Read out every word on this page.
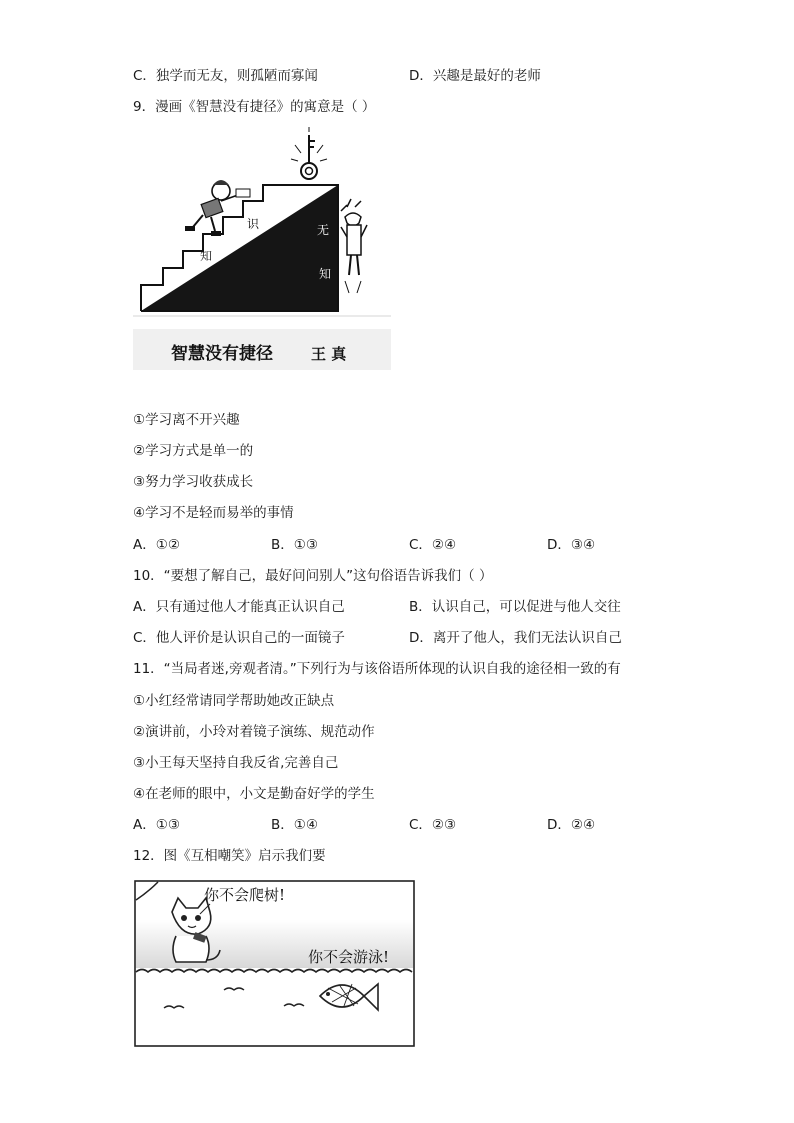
C．独学而无友，则孤陋而寡闻	D．兴趣是最好的老师
9．漫画《智慧没有捷径》的寓意是（ ）
知
识	无
知
智慧没有捷径	王 真
①学习离不开兴趣
②学习方式是单一的
③努力学习收获成长
④学习不是轻而易举的事情
A．①②	B．①③	C．②④	D．③④
10．“要想了解自己，最好问问别人”这句俗语告诉我们（ ）
A．只有通过他人才能真正认识自己	B．认识自己，可以促进与他人交往
C．他人评价是认识自己的一面镜子	D．离开了他人，我们无法认识自己
11．“当局者迷,旁观者清。”下列行为与该俗语所体现的认识自我的途径相一致的有
①小红经常请同学帮助她改正缺点
②演讲前，小玲对着镜子演练、规范动作
③小王每天坚持自我反省,完善自己
④在老师的眼中，小文是勤奋好学的学生
A．①③	B．①④	C．②③	D．②④
12．图《互相嘲笑》启示我们要
你不会爬树!
你不会游泳!
